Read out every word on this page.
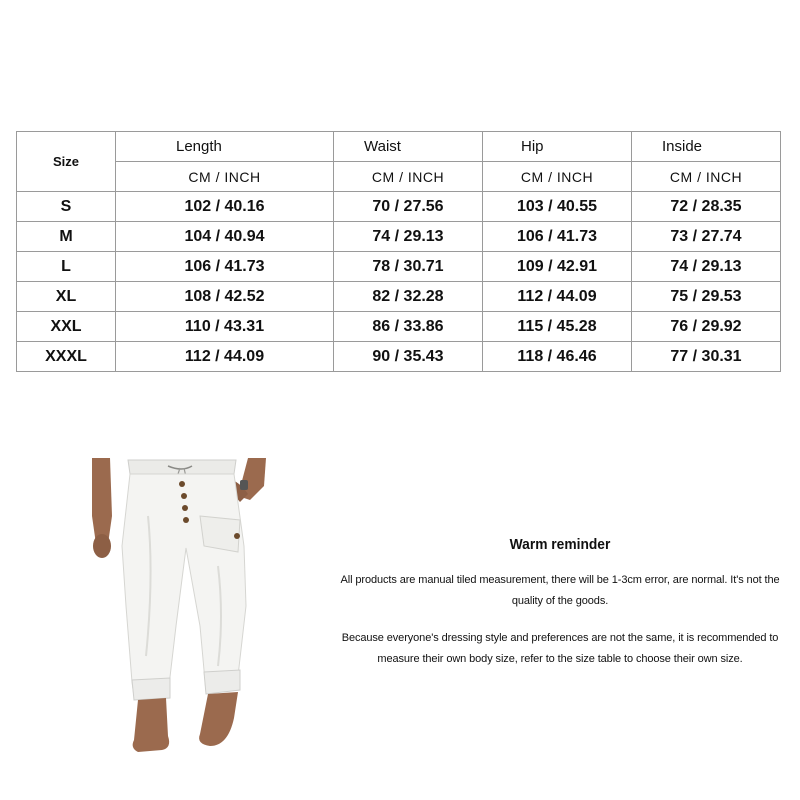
Size	Length	Waist	Hip	Inside
	CM / INCH	CM / INCH	CM / INCH	CM / INCH
S	102 / 40.16	70 / 27.56	103 / 40.55	72 / 28.35
M	104 / 40.94	74 / 29.13	106 / 41.73	73 / 27.74
L	106 / 41.73	78 / 30.71	109 / 42.91	74 / 29.13
XL	108 / 42.52	82 / 32.28	112 / 44.09	75 / 29.53
XXL	110 / 43.31	86 / 33.86	115 / 45.28	76 / 29.92
XXXL	112 / 44.09	90 / 35.43	118 / 46.46	77 / 30.31
Warm reminder

All products are manual tiled measurement, there will be 1-3cm error, are normal. It's not the quality of the goods.

Because everyone's dressing style and preferences are not the same, it is recommended to measure their own body size, refer to the size table to choose their own size.
